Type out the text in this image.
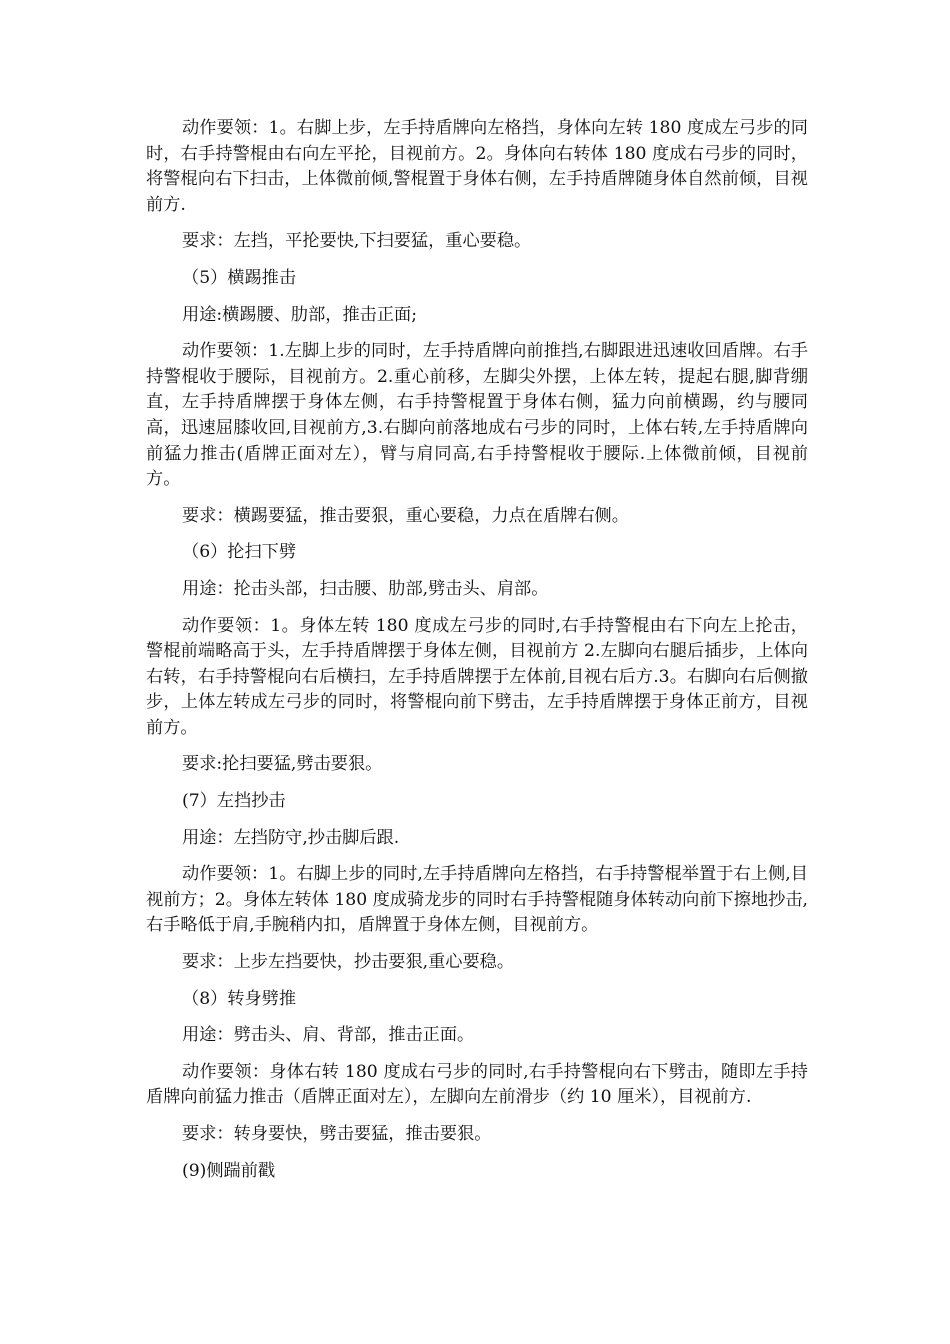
动作要领：1。右脚上步，左手持盾牌向左格挡，身体向左转 180 度成左弓步的同时，右手持警棍由右向左平抡，目视前方。2。身体向右转体 180 度成右弓步的同时，将警棍向右下扫击，上体微前倾,警棍置于身体右侧，左手持盾牌随身体自然前倾，目视前方.

要求：左挡，平抡要快,下扫要猛，重心要稳。

（5）横踢推击

用途:横踢腰、肋部，推击正面;

动作要领：1.左脚上步的同时，左手持盾牌向前推挡,右脚跟进迅速收回盾牌。右手持警棍收于腰际，目视前方。2.重心前移，左脚尖外摆，上体左转，提起右腿,脚背绷直，左手持盾牌摆于身体左侧，右手持警棍置于身体右侧，猛力向前横踢，约与腰同高，迅速屈膝收回,目视前方,3.右脚向前落地成右弓步的同时，上体右转,左手持盾牌向前猛力推击(盾牌正面对左），臂与肩同高,右手持警棍收于腰际.上体微前倾，目视前方。

要求：横踢要猛，推击要狠，重心要稳，力点在盾牌右侧。

（6）抡扫下劈

用途：抡击头部，扫击腰、肋部,劈击头、肩部。

动作要领：1。身体左转 180 度成左弓步的同时,右手持警棍由右下向左上抡击，警棍前端略高于头，左手持盾牌摆于身体左侧，目视前方 2.左脚向右腿后插步，上体向右转，右手持警棍向右后横扫，左手持盾牌摆于左体前,目视右后方.3。右脚向右后侧撤步，上体左转成左弓步的同时，将警棍向前下劈击，左手持盾牌摆于身体正前方，目视前方。

要求:抡扫要猛,劈击要狠。

(7）左挡抄击

用途：左挡防守,抄击脚后跟.

动作要领：1。右脚上步的同时,左手持盾牌向左格挡，右手持警棍举置于右上侧,目视前方；2。身体左转体 180 度成骑龙步的同时右手持警棍随身体转动向前下擦地抄击,右手略低于肩,手腕稍内扣，盾牌置于身体左侧，目视前方。

要求：上步左挡要快，抄击要狠,重心要稳。

（8）转身劈推

用途：劈击头、肩、背部，推击正面。

动作要领：身体右转 180 度成右弓步的同时,右手持警棍向右下劈击，随即左手持盾牌向前猛力推击（盾牌正面对左），左脚向左前滑步（约 10 厘米），目视前方.

要求：转身要快，劈击要猛，推击要狠。

(9)侧踹前戳
